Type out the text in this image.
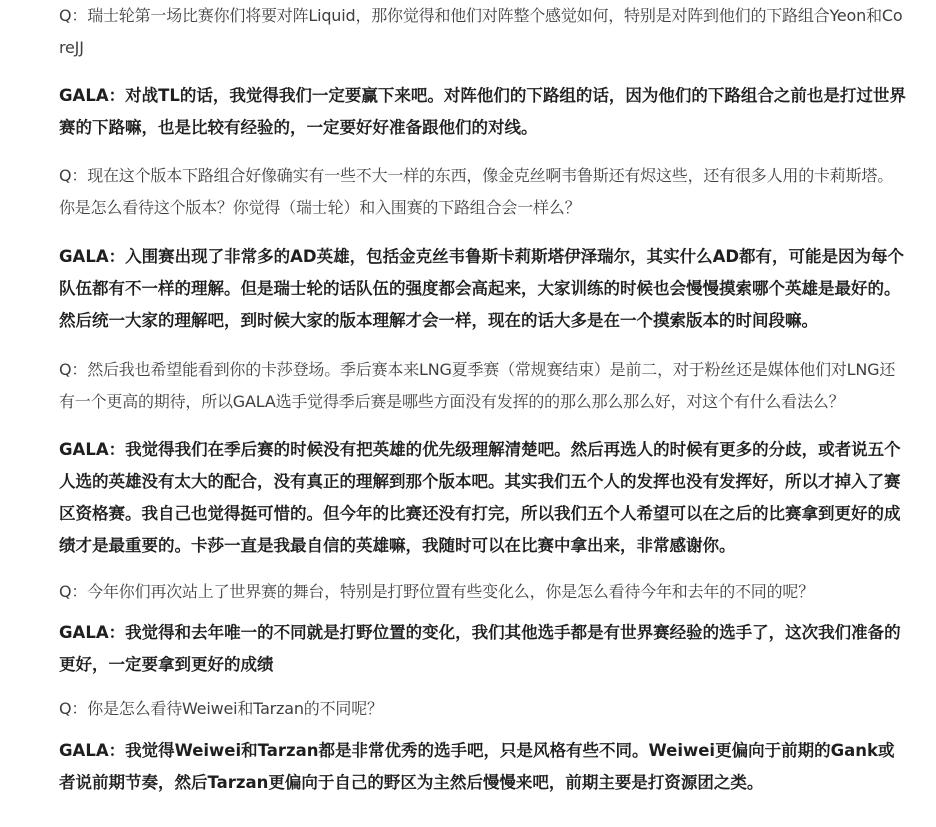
Q：瑞士轮第一场比赛你们将要对阵Liquid，那你觉得和他们对阵整个感觉如何，特别是对阵到他们的下路组合Yeon和CoreJJ

GALA：对战TL的话，我觉得我们一定要赢下来吧。对阵他们的下路组的话，因为他们的下路组合之前也是打过世界赛的下路嘛，也是比较有经验的，一定要好好准备跟他们的对线。

Q：现在这个版本下路组合好像确实有一些不大一样的东西，像金克丝啊韦鲁斯还有烬这些，还有很多人用的卡莉斯塔。你是怎么看待这个版本？你觉得（瑞士轮）和入围赛的下路组合会一样么？

GALA：入围赛出现了非常多的AD英雄，包括金克丝韦鲁斯卡莉斯塔伊泽瑞尔，其实什么AD都有，可能是因为每个队伍都有不一样的理解。但是瑞士轮的话队伍的强度都会高起来，大家训练的时候也会慢慢摸索哪个英雄是最好的。然后统一大家的理解吧，到时候大家的版本理解才会一样，现在的话大多是在一个摸索版本的时间段嘛。

Q：然后我也希望能看到你的卡莎登场。季后赛本来LNG夏季赛（常规赛结束）是前二，对于粉丝还是媒体他们对LNG还有一个更高的期待，所以GALA选手觉得季后赛是哪些方面没有发挥的的那么那么那么好，对这个有什么看法么？

GALA：我觉得我们在季后赛的时候没有把英雄的优先级理解清楚吧。然后再选人的时候有更多的分歧，或者说五个人选的英雄没有太大的配合，没有真正的理解到那个版本吧。其实我们五个人的发挥也没有发挥好，所以才掉入了赛区资格赛。我自己也觉得挺可惜的。但今年的比赛还没有打完，所以我们五个人希望可以在之后的比赛拿到更好的成绩才是最重要的。卡莎一直是我最自信的英雄嘛，我随时可以在比赛中拿出来，非常感谢你。

Q：今年你们再次站上了世界赛的舞台，特别是打野位置有些变化么，你是怎么看待今年和去年的不同的呢？

GALA：我觉得和去年唯一的不同就是打野位置的变化，我们其他选手都是有世界赛经验的选手了，这次我们准备的更好，一定要拿到更好的成绩

Q：你是怎么看待Weiwei和Tarzan的不同呢？

GALA：我觉得Weiwei和Tarzan都是非常优秀的选手吧，只是风格有些不同。Weiwei更偏向于前期的Gank或者说前期节奏，然后Tarzan更偏向于自己的野区为主然后慢慢来吧，前期主要是打资源团之类。
